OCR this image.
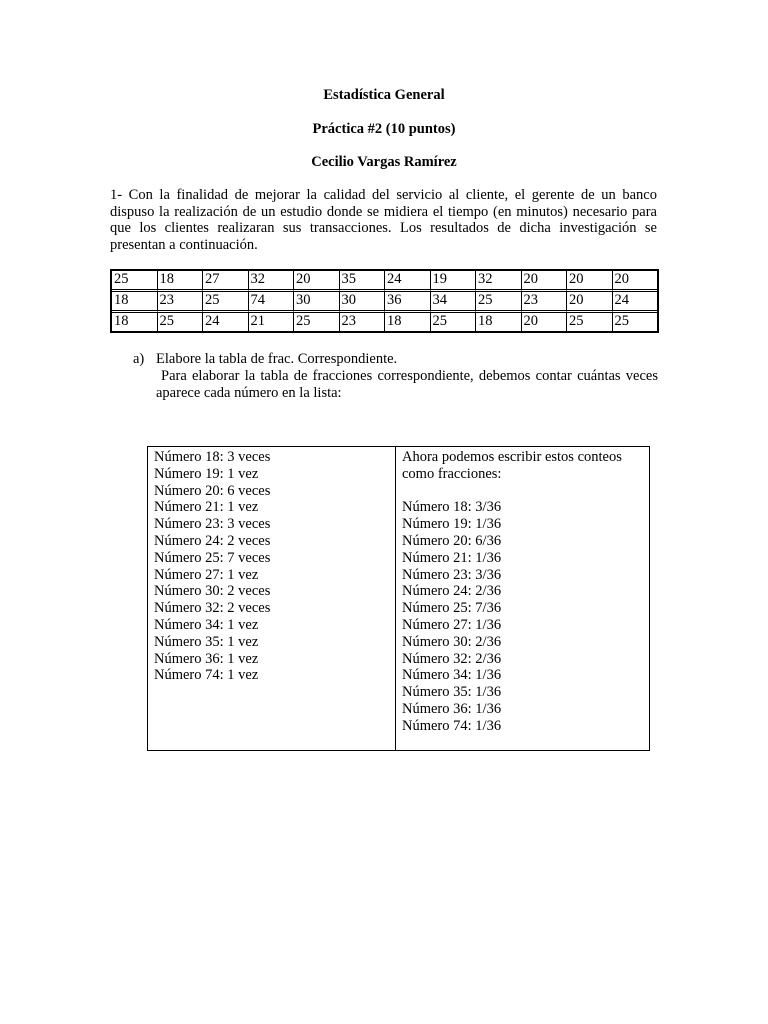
Estadística General
Práctica #2 (10 puntos)
Cecilio Vargas Ramírez

1- Con la finalidad de mejorar la calidad del servicio al cliente, el gerente de un banco dispuso la realización de un estudio donde se midiera el tiempo (en minutos) necesario para que los clientes realizaran sus transacciones. Los resultados de dicha investigación se presentan a continuación.

25	18	27	32	20	35	24	19	32	20	20	20
18	23	25	74	30	30	36	34	25	23	20	24
18	25	24	21	25	23	18	25	18	20	25	25
a) Elabore la tabla de frac. Correspondiente.
Para elaborar la tabla de fracciones correspondiente, debemos contar cuántas veces aparece cada número en la lista:
Número 18: 3 veces
Número 19: 1 vez
Número 20: 6 veces
Número 21: 1 vez
Número 23: 3 veces
Número 24: 2 veces
Número 25: 7 veces
Número 27: 1 vez
Número 30: 2 veces
Número 32: 2 veces
Número 34: 1 vez
Número 35: 1 vez
Número 36: 1 vez
Número 74: 1 vez
Ahora podemos escribir estos conteos como fracciones:
Número 18: 3/36
Número 19: 1/36
Número 20: 6/36
Número 21: 1/36
Número 23: 3/36
Número 24: 2/36
Número 25: 7/36
Número 27: 1/36
Número 30: 2/36
Número 32: 2/36
Número 34: 1/36
Número 35: 1/36
Número 36: 1/36
Número 74: 1/36
